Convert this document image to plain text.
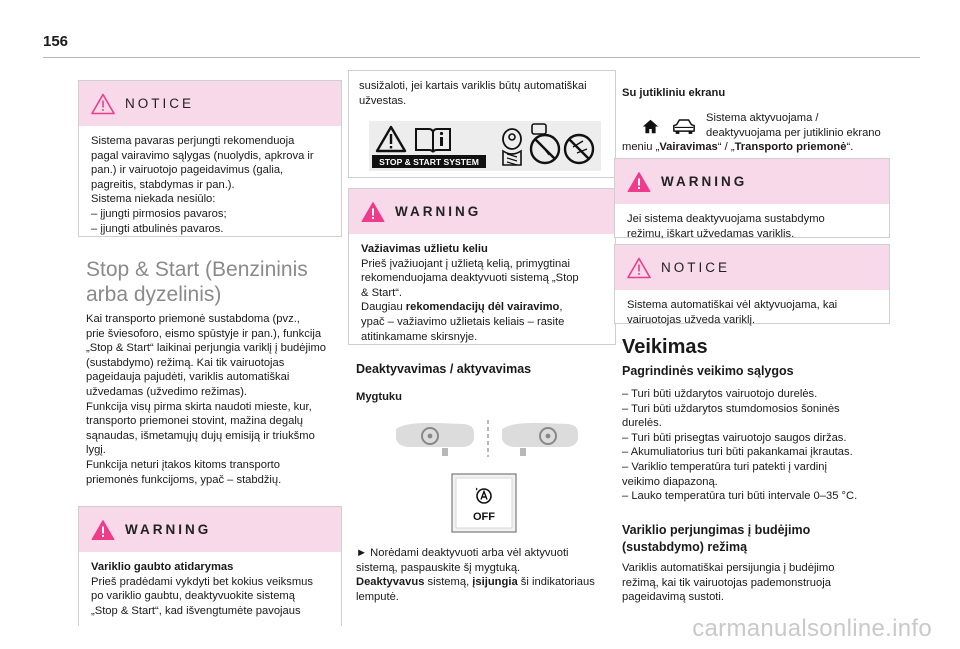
156
NOTICE
Sistema pavaras perjungti rekomenduoja
pagal vairavimo sąlygas (nuolydis, apkrova ir
pan.) ir vairuotojo pageidavimus (galia,
pagreitis, stabdymas ir pan.).
Sistema niekada nesiūlo:
– įjungti pirmosios pavaros;
– įjungti atbulinės pavaros.
Stop & Start (Benzininis
arba dyzelinis)
Kai transporto priemonė sustabdoma (pvz.,
prie šviesoforo, eismo spūstyje ir pan.), funkcija
„Stop & Start“ laikinai perjungia variklį į budėjimo
(sustabdymo) režimą. Kai tik vairuotojas
pageidauja pajudėti, variklis automatiškai
užvedamas (užvedimo režimas).
Funkcija visų pirma skirta naudoti mieste, kur,
transporto priemonei stovint, mažina degalų
sąnaudas, išmetamųjų dujų emisiją ir triukšmo
lygį.
Funkcija neturi įtakos kitoms transporto
priemonės funkcijoms, ypač – stabdžių.
WARNING
Variklio gaubto atidarymas
Prieš pradėdami vykdyti bet kokius veiksmus
po variklio gaubtu, deaktyvuokite sistemą
„Stop & Start“, kad išvengtumėte pavojaus
susižaloti, jei kartais variklis būtų automatiškai
užvestas.
STOP & START SYSTEM
WARNING
Važiavimas užlietu keliu
Prieš įvažiuojant į užlietą kelią, primygtinai
rekomenduojama deaktyvuoti sistemą „Stop
& Start“.
Daugiau rekomendacijų dėl vairavimo,
ypač – važiavimo užlietais keliais – rasite
atitinkamame skirsnyje.
Deaktyvavimas / aktyvavimas
Mygtuku
OFF
► Norėdami deaktyvuoti arba vėl aktyvuoti
sistemą, paspauskite šį mygtuką.
Deaktyvavus sistemą, įsijungia ši indikatoriaus
lemputė.
Su jutikliniu ekranu
Sistema aktyvuojama /
deaktyvuojama per jutiklinio ekrano
meniu „Vairavimas“ / „Transporto priemonė“.
WARNING
Jei sistema deaktyvuojama sustabdymo
režimu, iškart užvedamas variklis.
NOTICE
Sistema automatiškai vėl aktyvuojama, kai
vairuotojas užveda variklį.
Veikimas
Pagrindinės veikimo sąlygos
– Turi būti uždarytos vairuotojo durelės.
– Turi būti uždarytos stumdomosios šoninės
durelės.
– Turi būti prisegtas vairuotojo saugos diržas.
– Akumuliatorius turi būti pakankamai įkrautas.
– Variklio temperatūra turi patekti į vardinį
veikimo diapazoną.
– Lauko temperatūra turi būti intervale 0–35 °C.
Variklio perjungimas į budėjimo
(sustabdymo) režimą
Variklis automatiškai persijungia į budėjimo
režimą, kai tik vairuotojas pademonstruoja
pageidavimą sustoti.
carmanualsonline.info
